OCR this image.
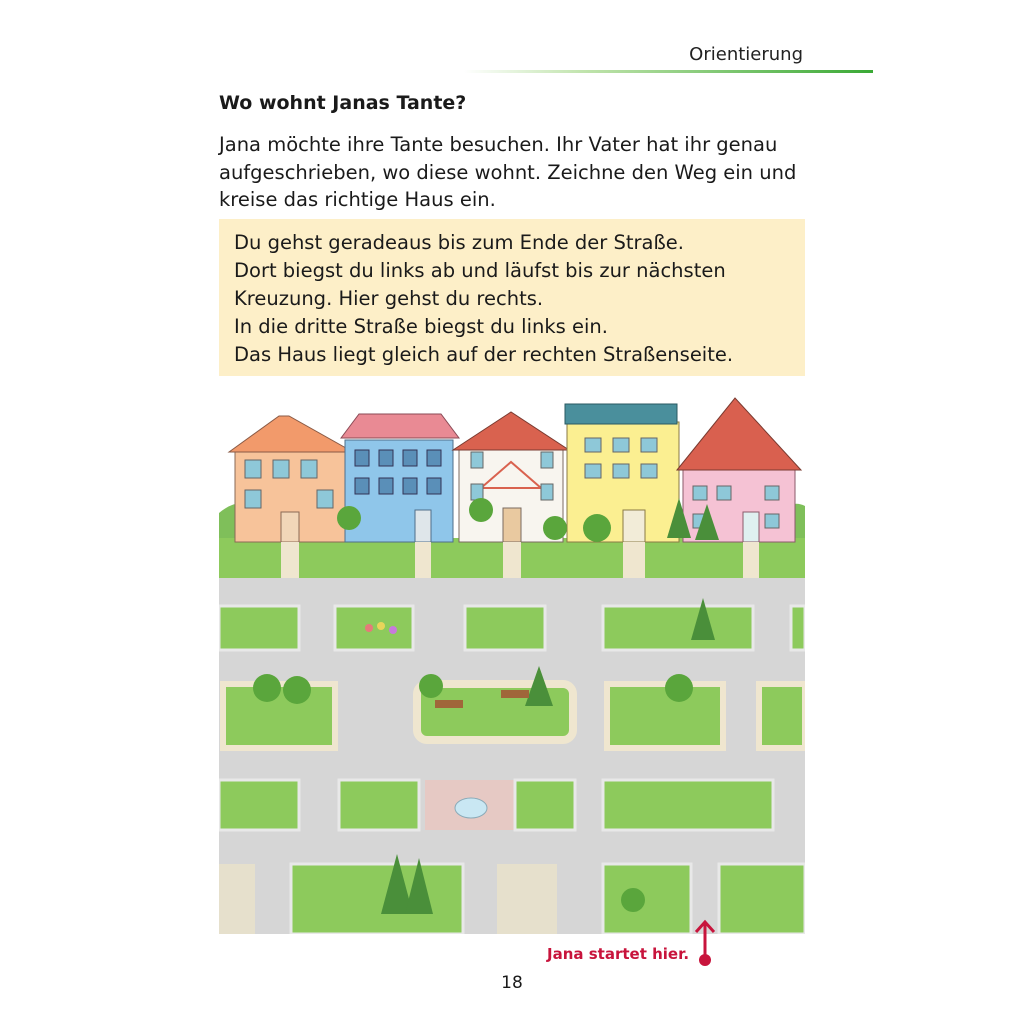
Orientierung
Wo wohnt Janas Tante?
Jana möchte ihre Tante besuchen. Ihr Vater hat ihr genau
aufgeschrieben, wo diese wohnt. Zeichne den Weg ein und
kreise das richtige Haus ein.
Du gehst geradeaus bis zum Ende der Straße.
Dort biegst du links ab und läufst bis zur nächsten
Kreuzung. Hier gehst du rechts.
In die dritte Straße biegst du links ein.
Das Haus liegt gleich auf der rechten Straßenseite.
Jana startet hier.
18
